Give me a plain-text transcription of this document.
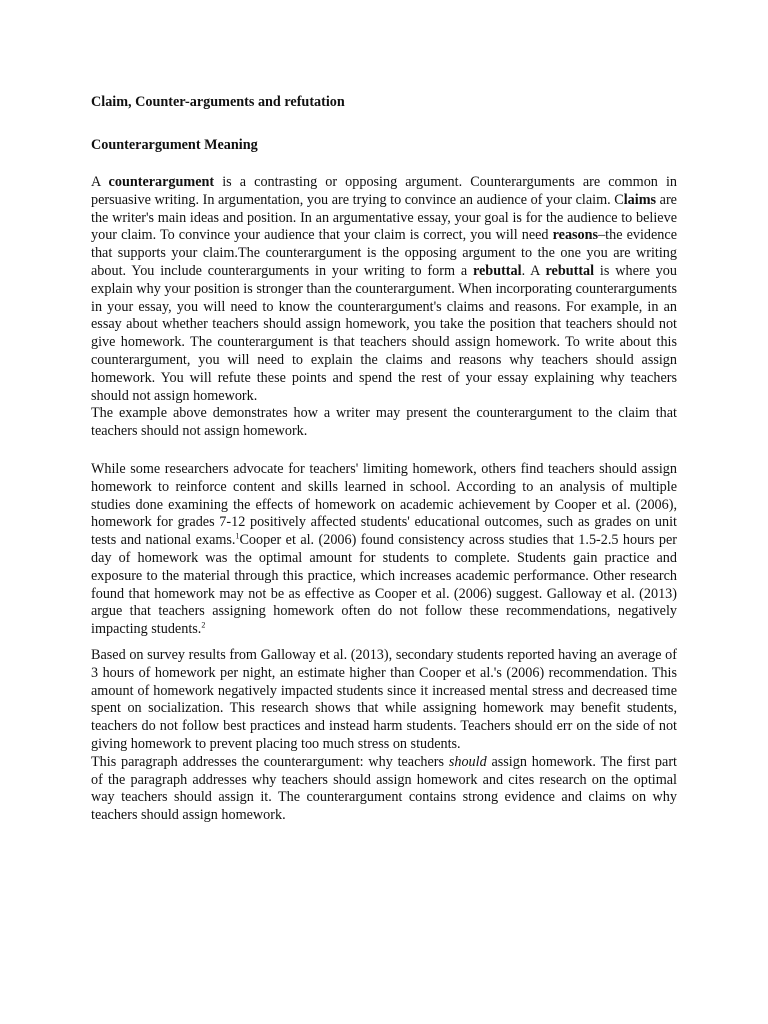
Claim, Counter-arguments and refutation

Counterargument Meaning

A counterargument is a contrasting or opposing argument. Counterarguments are common in persuasive writing. In argumentation, you are trying to convince an audience of your claim. Claims are the writer's main ideas and position. In an argumentative essay, your goal is for the audience to believe your claim. To convince your audience that your claim is correct, you will need reasons–the evidence that supports your claim.The counterargument is the opposing argument to the one you are writing about. You include counterarguments in your writing to form a rebuttal. A rebuttal is where you explain why your position is stronger than the counterargument. When incorporating counterarguments in your essay, you will need to know the counterargument's claims and reasons. For example, in an essay about whether teachers should assign homework, you take the position that teachers should not give homework. The counterargument is that teachers should assign homework. To write about this counterargument, you will need to explain the claims and reasons why teachers should assign homework. You will refute these points and spend the rest of your essay explaining why teachers should not assign homework.

The example above demonstrates how a writer may present the counterargument to the claim that teachers should not assign homework.

While some researchers advocate for teachers' limiting homework, others find teachers should assign homework to reinforce content and skills learned in school. According to an analysis of multiple studies done examining the effects of homework on academic achievement by Cooper et al. (2006), homework for grades 7-12 positively affected students' educational outcomes, such as grades on unit tests and national exams.$^1$Cooper et al. (2006) found consistency across studies that 1.5-2.5 hours per day of homework was the optimal amount for students to complete. Students gain practice and exposure to the material through this practice, which increases academic performance. Other research found that homework may not be as effective as Cooper et al. (2006) suggest. Galloway et al. (2013) argue that teachers assigning homework often do not follow these recommendations, negatively impacting students.$^2$

Based on survey results from Galloway et al. (2013), secondary students reported having an average of 3 hours of homework per night, an estimate higher than Cooper et al.'s (2006) recommendation. This amount of homework negatively impacted students since it increased mental stress and decreased time spent on socialization. This research shows that while assigning homework may benefit students, teachers do not follow best practices and instead harm students. Teachers should err on the side of not giving homework to prevent placing too much stress on students.

This paragraph addresses the counterargument: why teachers should assign homework. The first part of the paragraph addresses why teachers should assign homework and cites research on the optimal way teachers should assign it. The counterargument contains strong evidence and claims on why teachers should assign homework.
